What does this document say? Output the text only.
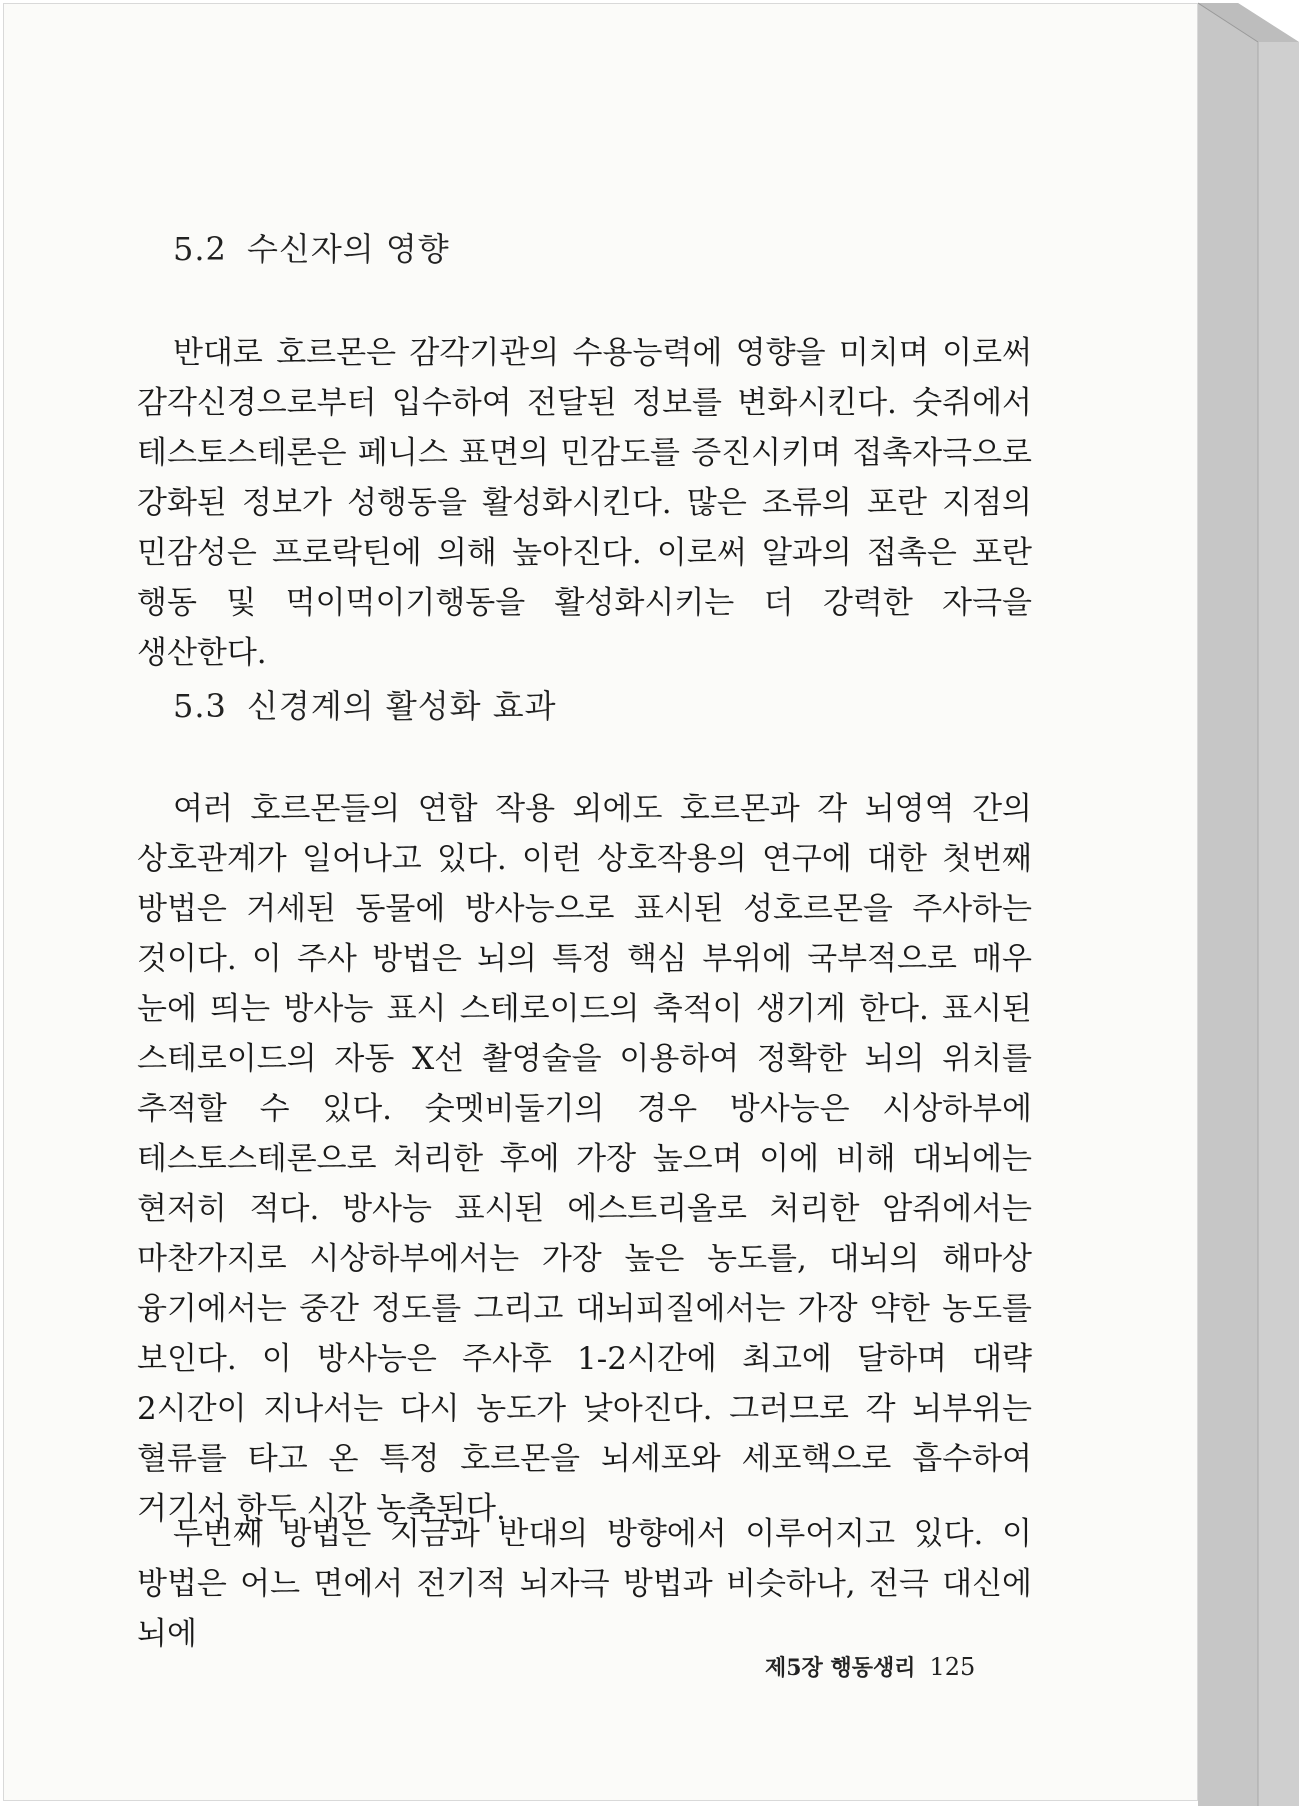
5.2 수신자의 영향

반대로 호르몬은 감각기관의 수용능력에 영향을 미치며 이로써 감각신경으로부터 입수하여 전달된 정보를 변화시킨다. 숫쥐에서 테스토스테론은 페니스 표면의 민감도를 증진시키며 접촉자극으로 강화된 정보가 성행동을 활성화시킨다. 많은 조류의 포란 지점의 민감성은 프로락틴에 의해 높아진다. 이로써 알과의 접촉은 포란 행동 및 먹이먹이기행동을 활성화시키는 더 강력한 자극을 생산한다.

5.3 신경계의 활성화 효과

여러 호르몬들의 연합 작용 외에도 호르몬과 각 뇌영역 간의 상호관계가 일어나고 있다. 이런 상호작용의 연구에 대한 첫번째 방법은 거세된 동물에 방사능으로 표시된 성호르몬을 주사하는 것이다. 이 주사 방법은 뇌의 특정 핵심 부위에 국부적으로 매우 눈에 띄는 방사능 표시 스테로이드의 축적이 생기게 한다. 표시된 스테로이드의 자동 X선 촬영술을 이용하여 정확한 뇌의 위치를 추적할 수 있다. 숫멧비둘기의 경우 방사능은 시상하부에 테스토스테론으로 처리한 후에 가장 높으며 이에 비해 대뇌에는 현저히 적다. 방사능 표시된 에스트리올로 처리한 암쥐에서는 마찬가지로 시상하부에서는 가장 높은 농도를, 대뇌의 해마상 융기에서는 중간 정도를 그리고 대뇌피질에서는 가장 약한 농도를 보인다. 이 방사능은 주사후 1-2시간에 최고에 달하며 대략 2시간이 지나서는 다시 농도가 낮아진다. 그러므로 각 뇌부위는 혈류를 타고 온 특정 호르몬을 뇌세포와 세포핵으로 흡수하여 거기서 한두 시간 농축된다.

두번째 방법은 지금과 반대의 방향에서 이루어지고 있다. 이 방법은 어느 면에서 전기적 뇌자극 방법과 비슷하나, 전극 대신에 뇌에

제5장 행동생리 125
